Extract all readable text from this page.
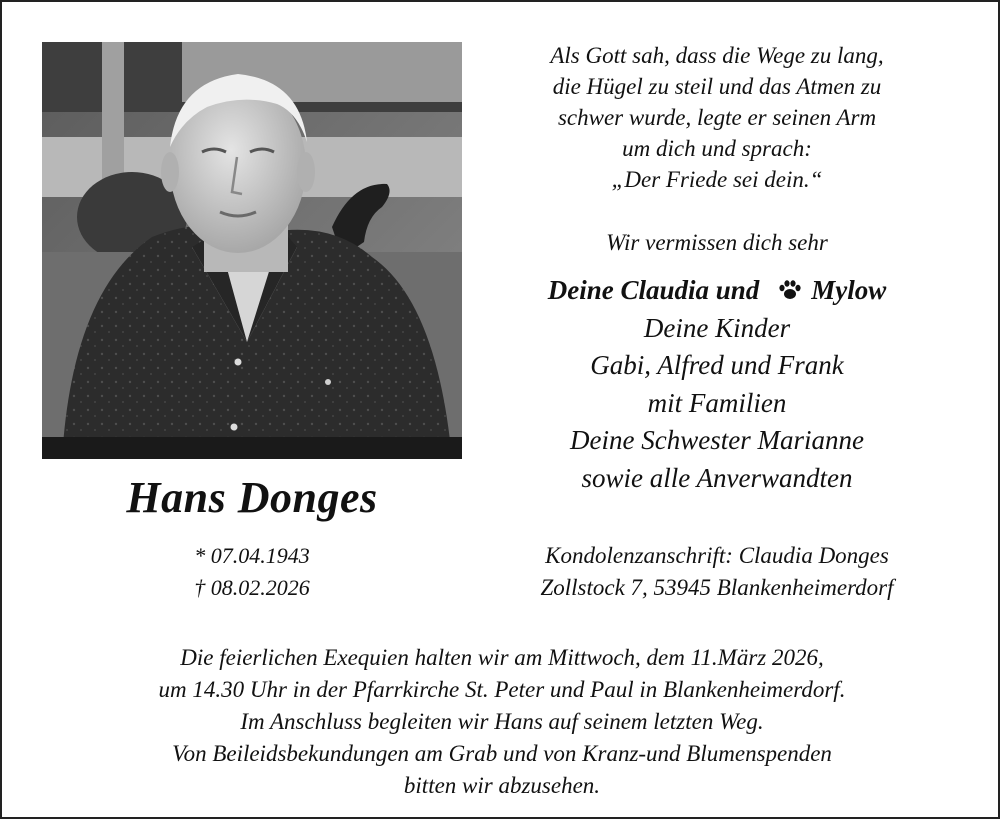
Hans Donges
* 07.04.1943
† 08.02.2026
Als Gott sah, dass die Wege zu lang,
die Hügel zu steil und das Atmen zu
schwer wurde, legte er seinen Arm
um dich und sprach:
„Der Friede sei dein.“
Wir vermissen dich sehr
Deine Claudia und Mylow
Deine Kinder
Gabi, Alfred und Frank
mit Familien
Deine Schwester Marianne
sowie alle Anverwandten
Kondolenzanschrift: Claudia Donges
Zollstock 7, 53945 Blankenheimerdorf
Die feierlichen Exequien halten wir am Mittwoch, dem 11.März 2026,
um 14.30 Uhr in der Pfarrkirche St. Peter und Paul in Blankenheimerdorf.
Im Anschluss begleiten wir Hans auf seinem letzten Weg.
Von Beileidsbekundungen am Grab und von Kranz-und Blumenspenden
bitten wir abzusehen.
